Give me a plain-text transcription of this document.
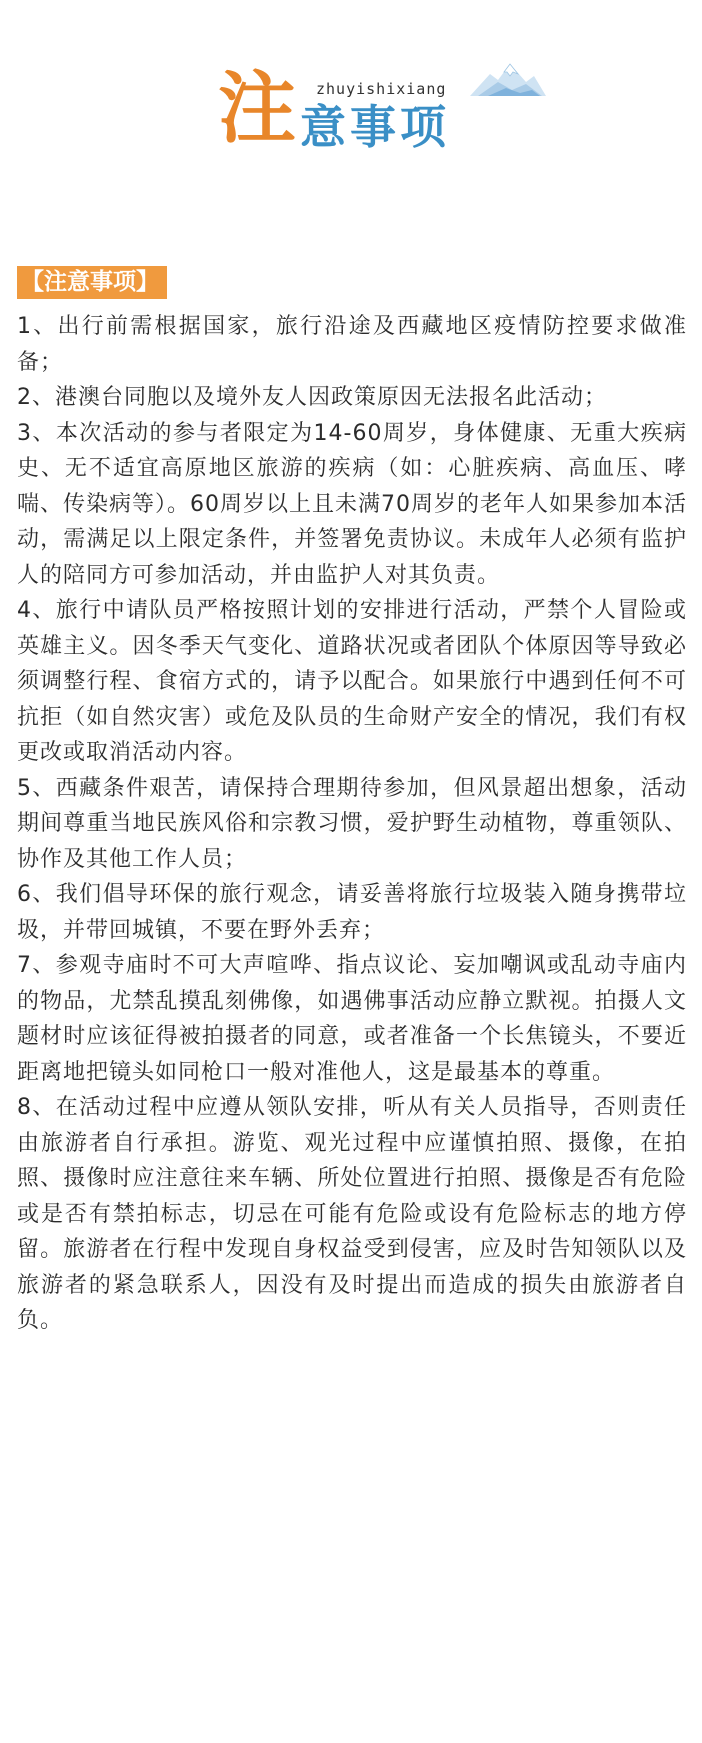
注 zhuyishixiang
意事项
【注意事项】
1、出行前需根据国家，旅行沿途及西藏地区疫情防控要求做准备；
2、港澳台同胞以及境外友人因政策原因无法报名此活动；
3、本次活动的参与者限定为14-60周岁，身体健康、无重大疾病史、无不适宜高原地区旅游的疾病（如：心脏疾病、高血压、哮喘、传染病等）。60周岁以上且未满70周岁的老年人如果参加本活动，需满足以上限定条件，并签署免责协议。未成年人必须有监护人的陪同方可参加活动，并由监护人对其负责。
4、旅行中请队员严格按照计划的安排进行活动，严禁个人冒险或英雄主义。因冬季天气变化、道路状况或者团队个体原因等导致必须调整行程、食宿方式的，请予以配合。如果旅行中遇到任何不可抗拒（如自然灾害）或危及队员的生命财产安全的情况，我们有权更改或取消活动内容。
5、西藏条件艰苦，请保持合理期待参加，但风景超出想象，活动期间尊重当地民族风俗和宗教习惯，爱护野生动植物，尊重领队、协作及其他工作人员；
6、我们倡导环保的旅行观念，请妥善将旅行垃圾装入随身携带垃圾，并带回城镇，不要在野外丢弃；
7、参观寺庙时不可大声喧哗、指点议论、妄加嘲讽或乱动寺庙内的物品，尤禁乱摸乱刻佛像，如遇佛事活动应静立默视。拍摄人文题材时应该征得被拍摄者的同意，或者准备一个长焦镜头，不要近距离地把镜头如同枪口一般对准他人，这是最基本的尊重。
8、在活动过程中应遵从领队安排，听从有关人员指导，否则责任由旅游者自行承担。游览、观光过程中应谨慎拍照、摄像，在拍照、摄像时应注意往来车辆、所处位置进行拍照、摄像是否有危险或是否有禁拍标志，切忌在可能有危险或设有危险标志的地方停留。旅游者在行程中发现自身权益受到侵害，应及时告知领队以及旅游者的紧急联系人，因没有及时提出而造成的损失由旅游者自负。
